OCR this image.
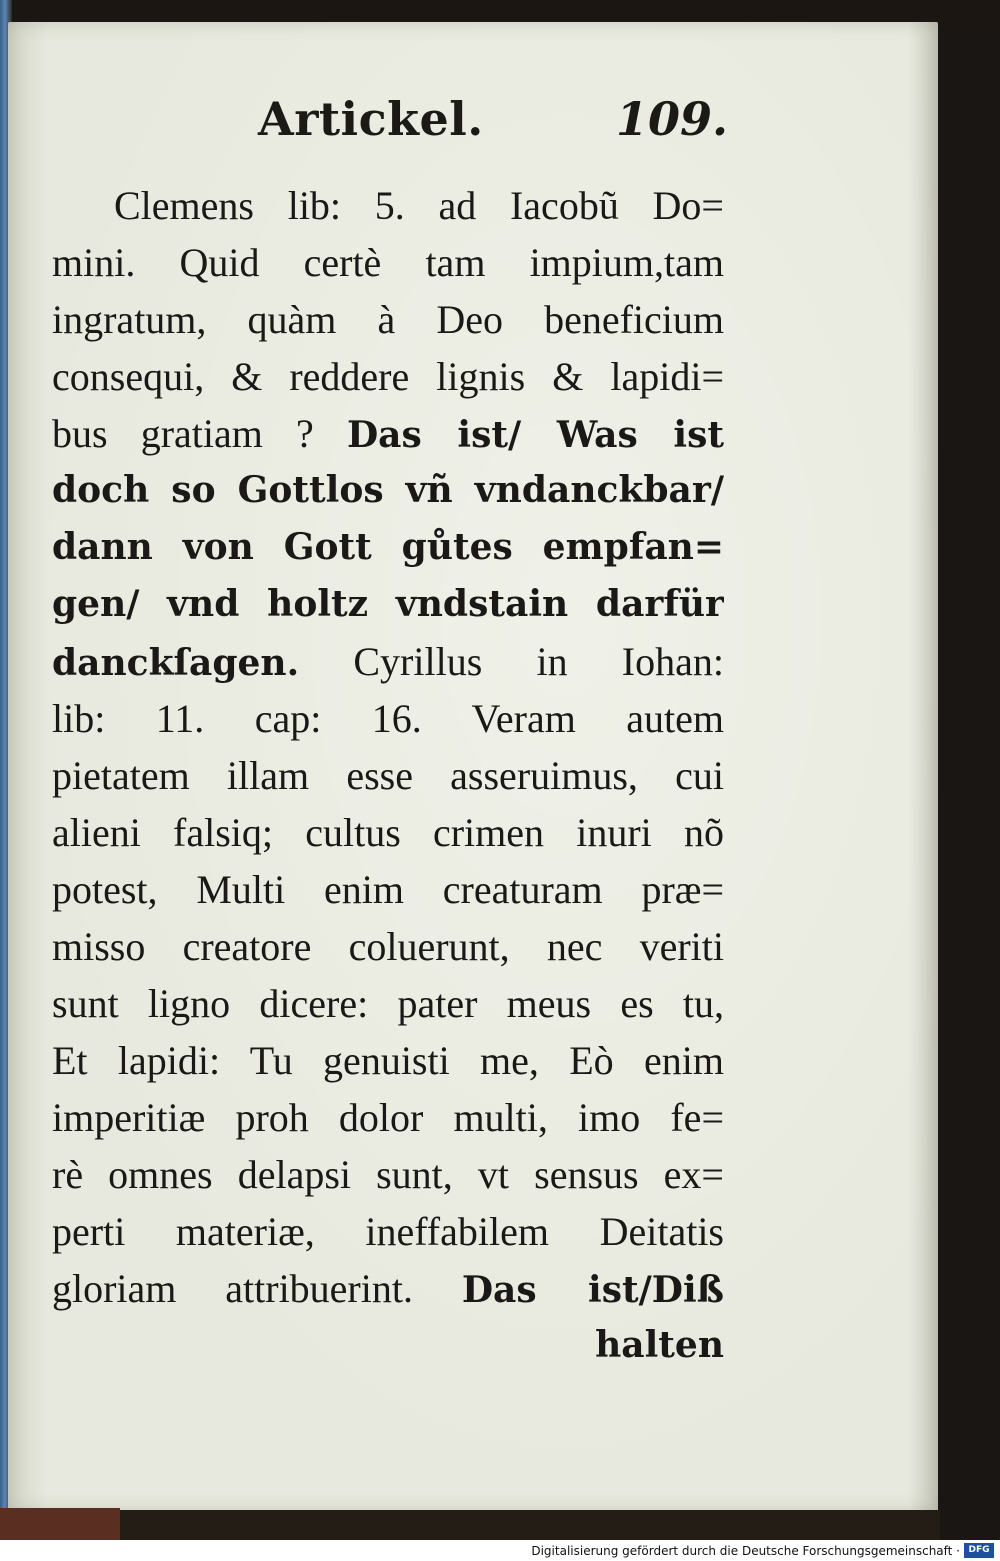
Artickel.	109.
Clemens lib: 5. ad Iacobũ Do=
mini. Quid certè tam impium,tam
ingratum, quàm à Deo beneficium
consequi, & reddere lignis & lapidi=
bus gratiam ? Das ist/ Was ist
doch so Gottlos vñ vndanckbar/
dann von Gott gůtes empfan=
gen/ vnd holtz vndstain darfür
danckſagen. Cyrillus in Iohan:
lib: 11. cap: 16. Veram autem
pietatem illam esse asseruimus, cui
alieni falsiq; cultus crimen inuri nõ
potest, Multi enim creaturam præ=
misso creatore coluerunt, nec veriti
sunt ligno dicere: pater meus es tu,
Et lapidi: Tu genuisti me, Eò enim
imperitiæ proh dolor multi, imo fe=
rè omnes delapsi sunt, vt sensus ex=
perti materiæ, ineffabilem Deitatis
gloriam attribuerint. Das ist/Diß
halten
Digitalisierung gefördert durch die Deutsche Forschungsgemeinschaft · DFG
